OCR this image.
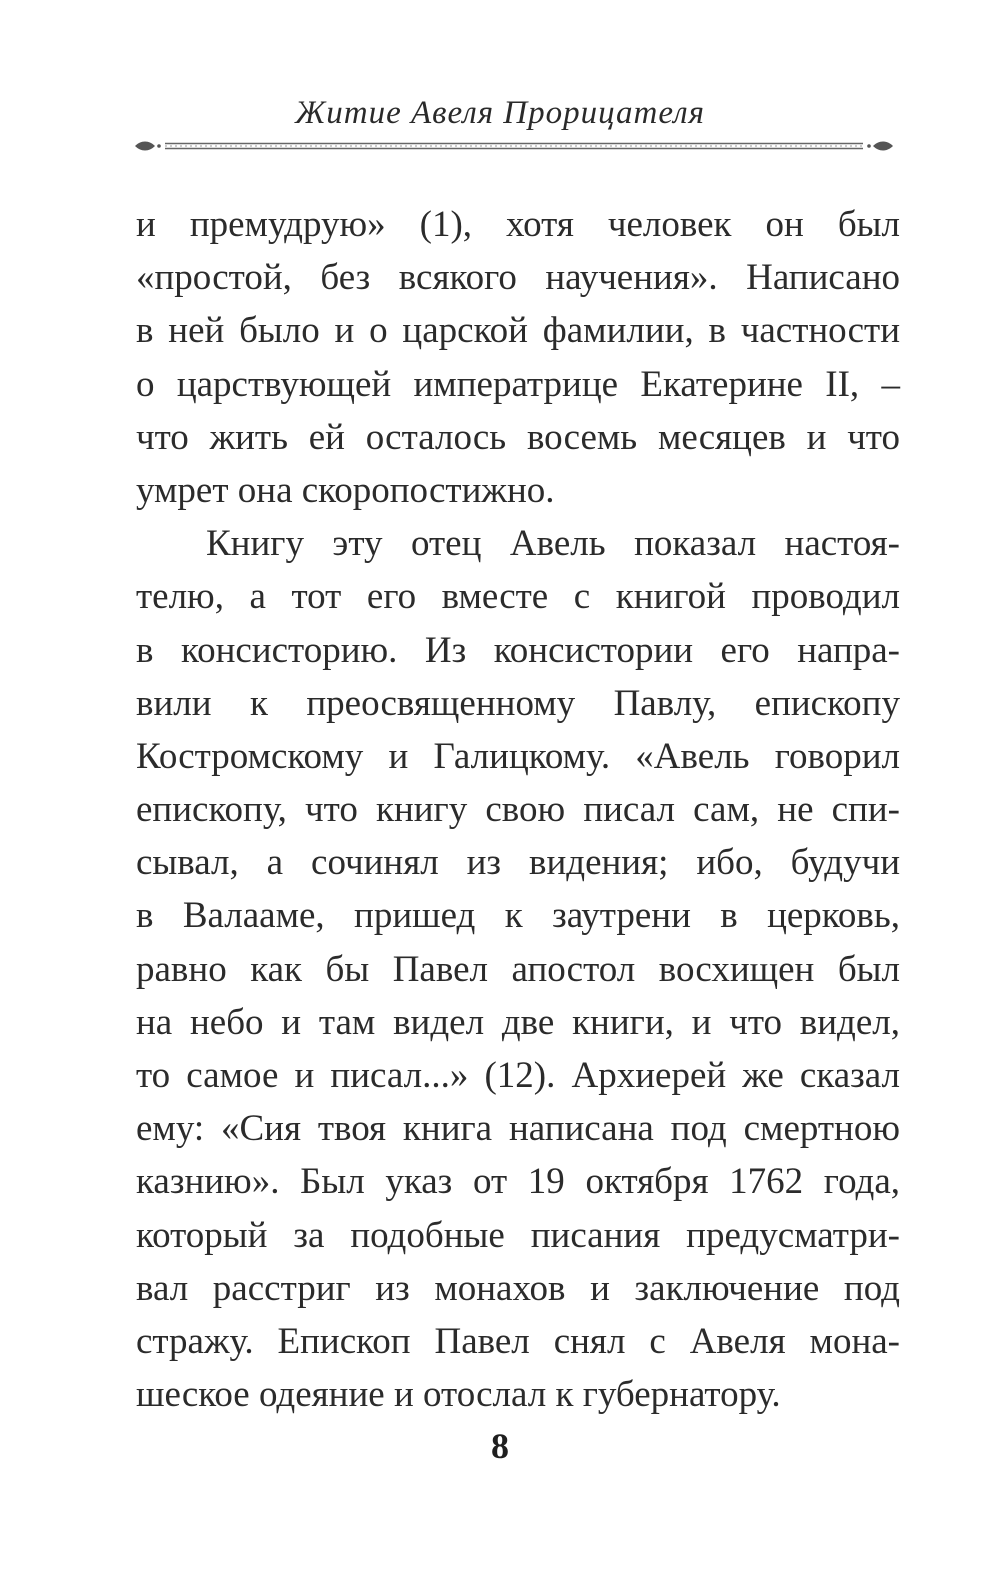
Житие Авеля Прорицателя
и премудрую» (1), хотя человек он был
«простой, без всякого научения». Написано
в ней было и о царской фамилии, в частности
о царствующей императрице Екатерине II, –
что жить ей осталось восемь месяцев и что
умрет она скоропостижно.
Книгу эту отец Авель показал настоя-
телю, а тот его вместе с книгой проводил
в консисторию. Из консистории его напра-
вили к преосвященному Павлу, епископу
Костромскому и Галицкому. «Авель говорил
епископу, что книгу свою писал сам, не спи-
сывал, а сочинял из видения; ибо, будучи
в Валааме, пришед к заутрени в церковь,
равно как бы Павел апостол восхищен был
на небо и там видел две книги, и что видел,
то самое и писал...» (12). Архиерей же сказал
ему: «Сия твоя книга написана под смертною
казнию». Был указ от 19 октября 1762 года,
который за подобные писания предусматри-
вал расстриг из монахов и заключение под
стражу. Епископ Павел снял с Авеля мона-
шеское одеяние и отослал к губернатору.
8
